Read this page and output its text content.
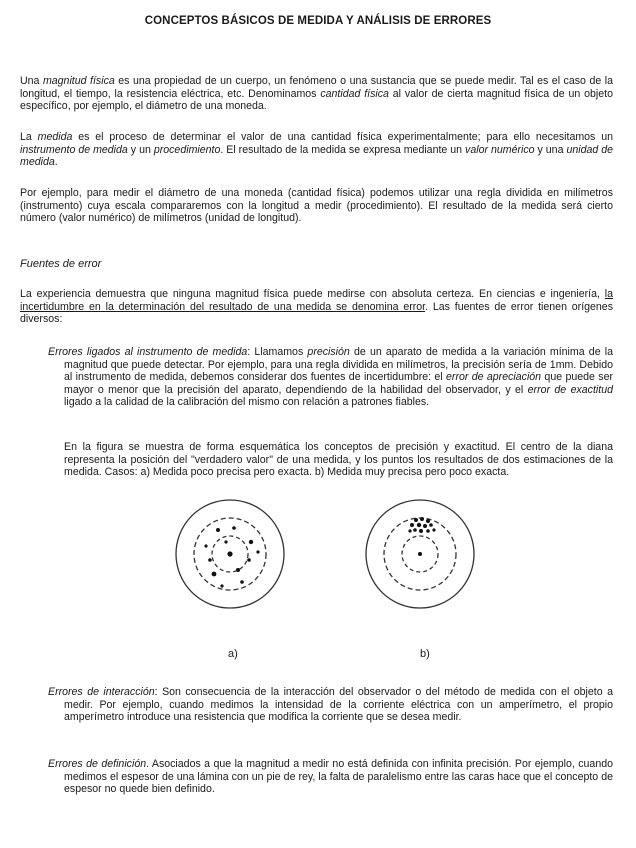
CONCEPTOS BÁSICOS DE MEDIDA Y ANÁLISIS DE ERRORES

Una magnitud física es una propiedad de un cuerpo, un fenómeno o una sustancia que se puede medir. Tal es el caso de la longitud, el tiempo, la resistencia eléctrica, etc. Denominamos cantidad física al valor de cierta magnitud física de un objeto específico, por ejemplo, el diámetro de una moneda.

La medida es el proceso de determinar el valor de una cantidad física experimentalmente; para ello necesitamos un instrumento de medida y un procedimiento. El resultado de la medida se expresa mediante un valor numérico y una unidad de medida.

Por ejemplo, para medir el diámetro de una moneda (cantidad física) podemos utilizar una regla dividida en milímetros (instrumento) cuya escala compararemos con la longitud a medir (procedimiento). El resultado de la medida será cierto número (valor numérico) de milímetros (unidad de longitud).

Fuentes de error

La experiencia demuestra que ninguna magnitud física puede medirse con absoluta certeza. En ciencias e ingeniería, la incertidumbre en la determinación del resultado de una medida se denomina error. Las fuentes de error tienen orígenes diversos:

Errores ligados al instrumento de medida: Llamamos precisión de un aparato de medida a la variación mínima de la magnitud que puede detectar. Por ejemplo, para una regla dividida en milímetros, la precisión sería de 1mm. Debido al instrumento de medida, debemos considerar dos fuentes de incertidumbre: el error de apreciación que puede ser mayor o menor que la precisión del aparato, dependiendo de la habilidad del observador, y el error de exactitud ligado a la calidad de la calibración del mismo con relación a patrones fiables.

En la figura se muestra de forma esquemática los conceptos de precisión y exactitud. El centro de la diana representa la posición del "verdadero valor" de una medida, y los puntos los resultados de dos estimaciones de la medida. Casos: a) Medida poco precisa pero exacta. b) Medida muy precisa pero poco exacta.

a)	b)

Errores de interacción: Son consecuencia de la interacción del observador o del método de medida con el objeto a medir. Por ejemplo, cuando medimos la intensidad de la corriente eléctrica con un amperímetro, el propio amperímetro introduce una resistencia que modifica la corriente que se desea medir.

Errores de definición. Asociados a que la magnitud a medir no está definida con infinita precisión. Por ejemplo, cuando medimos el espesor de una lámina con un pie de rey, la falta de paralelismo entre las caras hace que el concepto de espesor no quede bien definido.
